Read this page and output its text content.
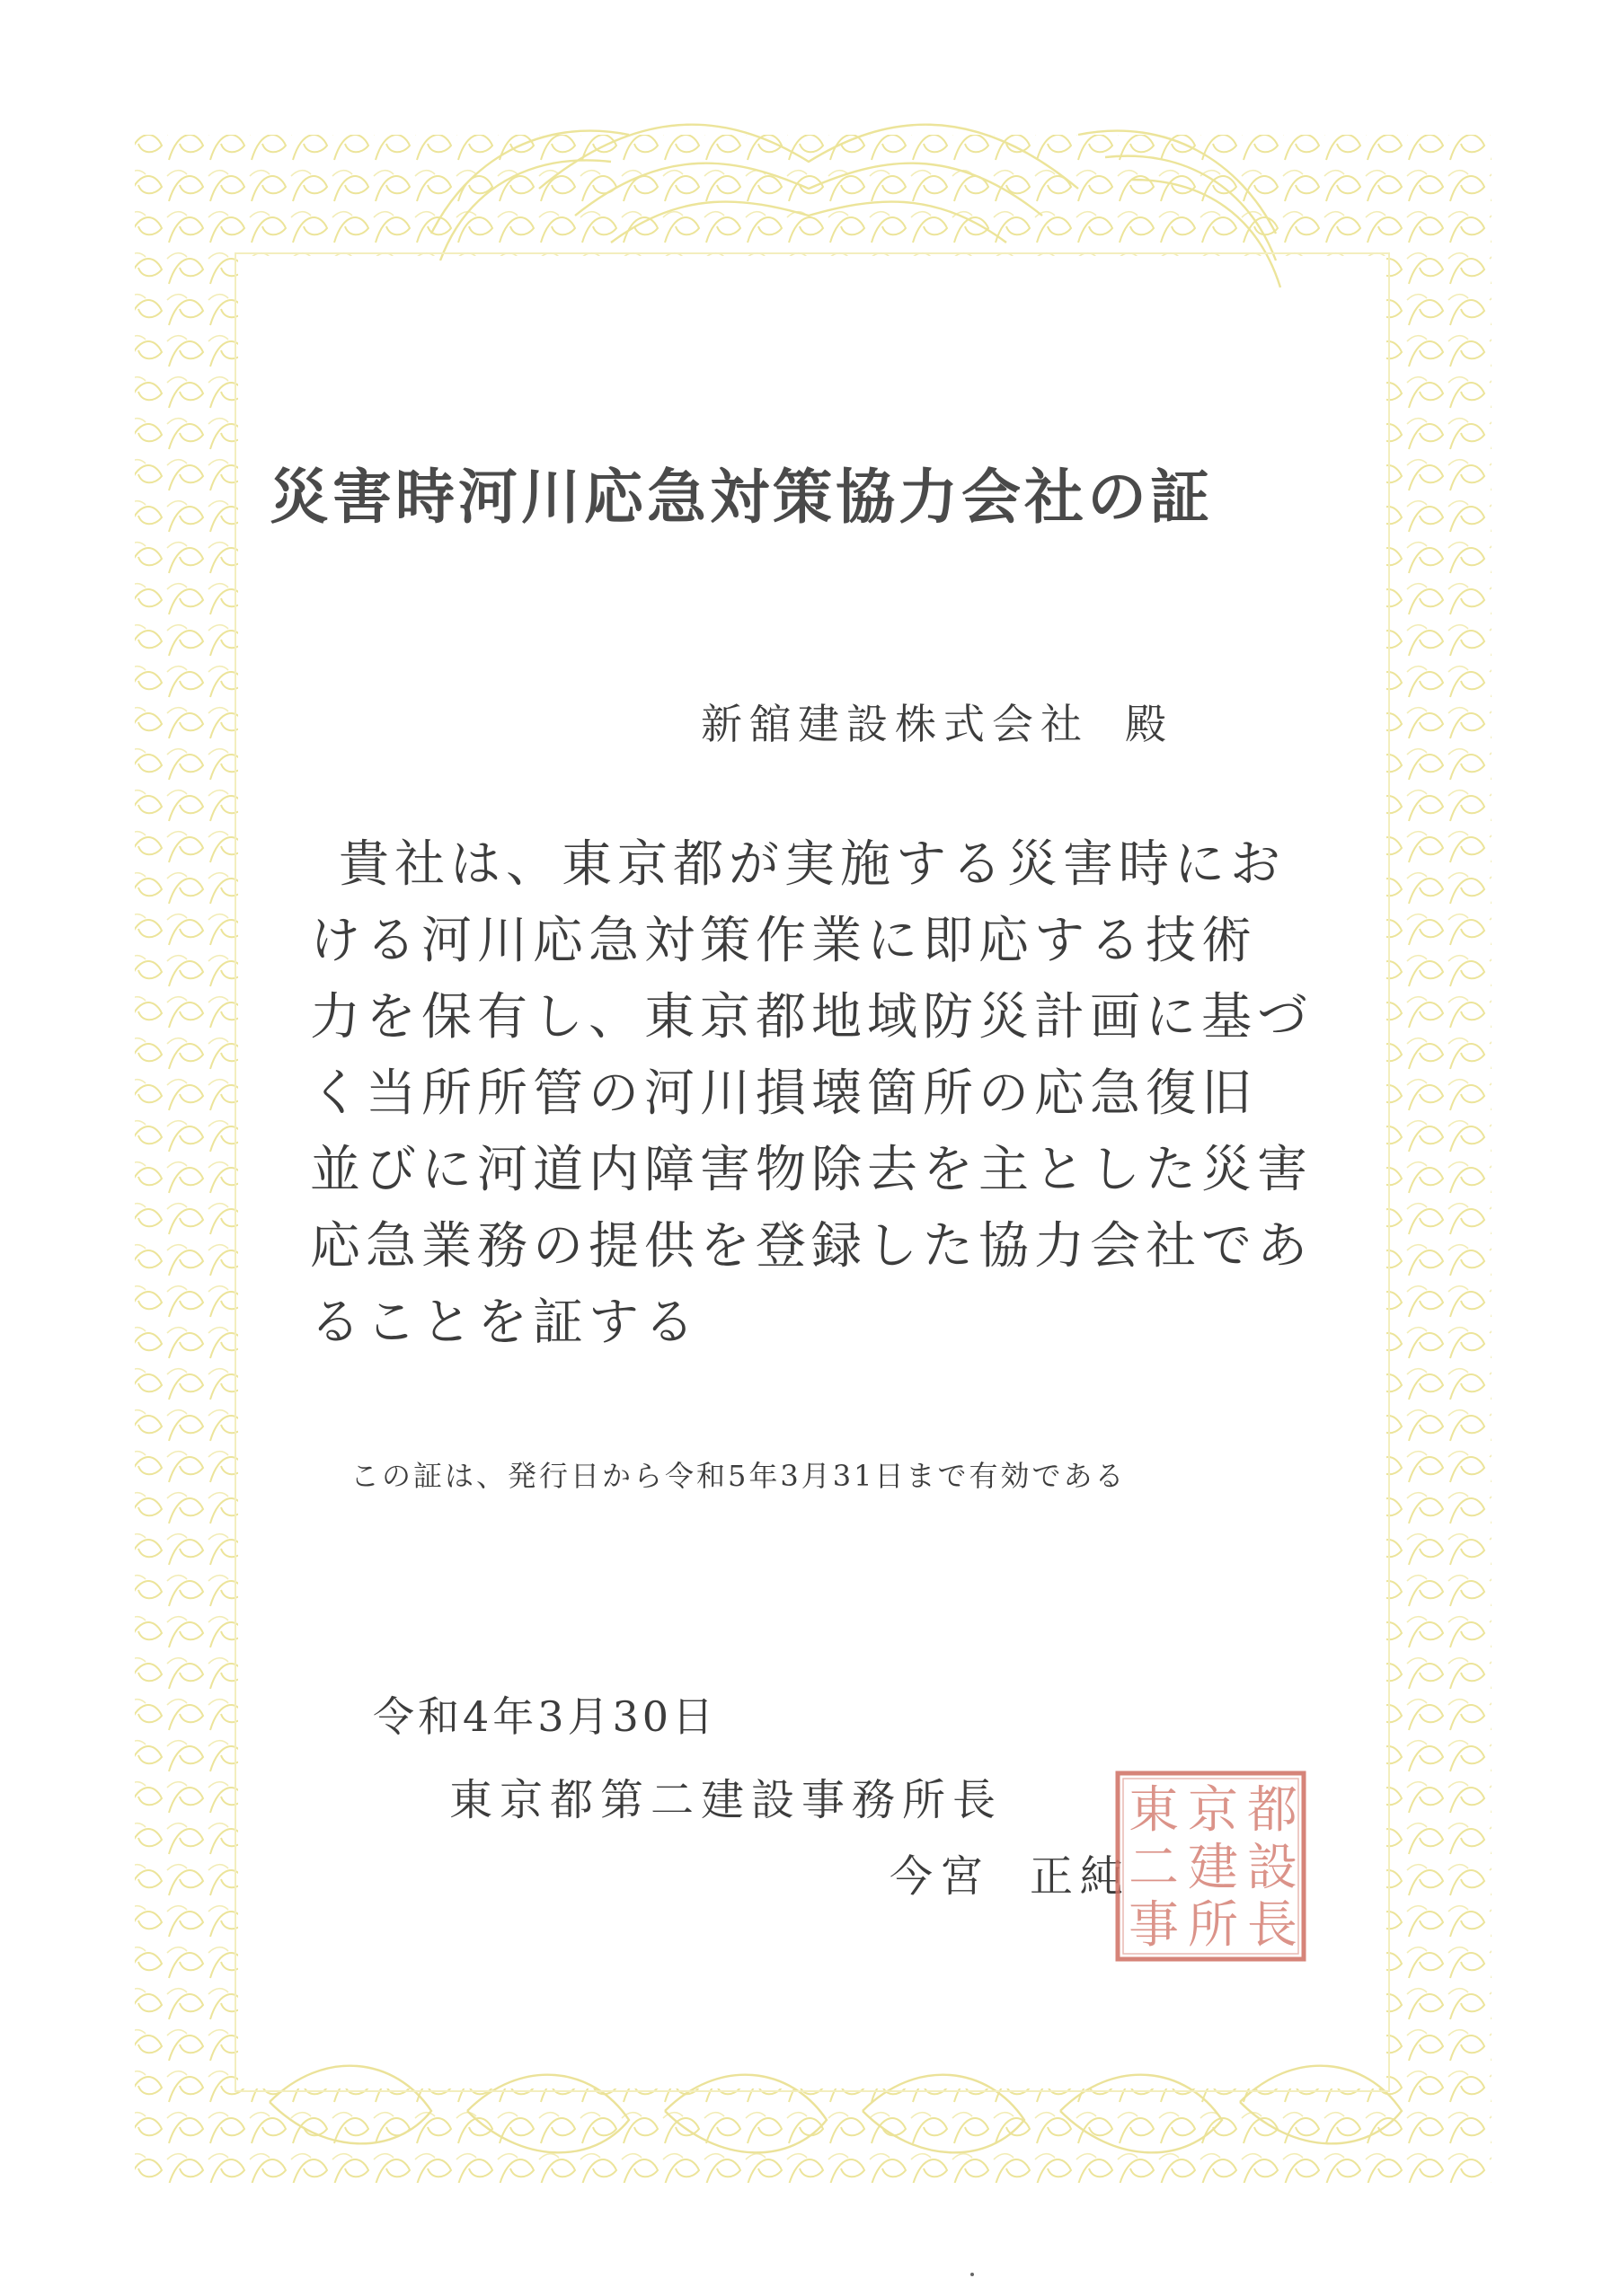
災害時河川応急対策協力会社の証
新舘建設株式会社 殿
貴社は、東京都が実施する災害時にお
ける河川応急対策作業に即応する技術
力を保有し、東京都地域防災計画に基づ
く当所所管の河川損壊箇所の応急復旧
並びに河道内障害物除去を主とした災害
応急業務の提供を登録した協力会社であ
ることを証する
この証は、発行日から令和5年3月31日まで有効である
令和4年3月30日
東京都第二建設事務所長
今宮 正純
都
設
長
京
建
所
東
二
事
